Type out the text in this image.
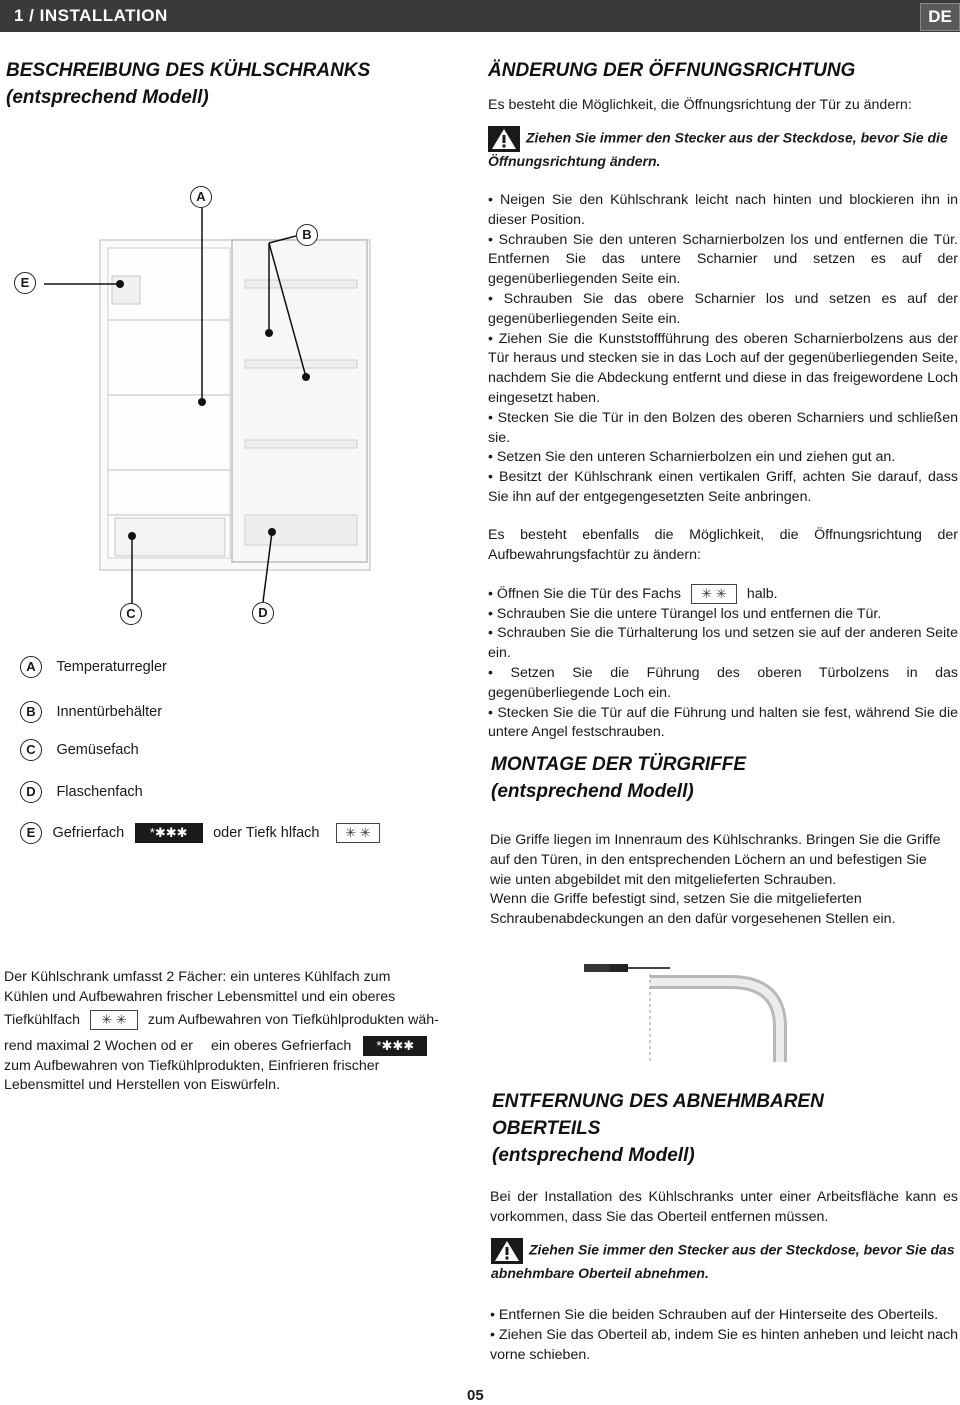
1 / INSTALLATION	DE
BESCHREIBUNG DES KÜHLSCHRANKS
(entsprechend Modell)
A
B
E
C	D
A Temperaturregler
B Innentürbehälter
C Gemüsefach
D Flaschenfach
E Gefrierfach *✱✱✱ oder Tiefk hlfach ✳ ✳
Der Kühlschrank umfasst 2 Fächer: ein unteres Kühlfach zum
Kühlen und Aufbewahren frischer Lebensmittel und ein oberes
Tiefkühlfach ✳ ✳ zum Aufbewahren von Tiefkühlprodukten wäh-
rend maximal 2 Wochen od er ein oberes Gefrierfach *✱✱✱
zum Aufbewahren von Tiefkühlprodukten, Einfrieren frischer
Lebensmittel und Herstellen von Eiswürfeln.
ÄNDERUNG DER ÖFFNUNGSRICHTUNG
Es besteht die Möglichkeit, die Öffnungsrichtung der Tür zu ändern:
Ziehen Sie immer den Stecker aus der Steckdose, bevor Sie die Öffnungsrichtung ändern.
• Neigen Sie den Kühlschrank leicht nach hinten und blockieren ihn in dieser Position.
• Schrauben Sie den unteren Scharnierbolzen los und entfernen die Tür. Entfernen Sie das untere Scharnier und setzen es auf der gegenüberliegenden Seite ein.
• Schrauben Sie das obere Scharnier los und setzen es auf der gegenüberliegenden Seite ein.
• Ziehen Sie die Kunststoffführung des oberen Scharnierbolzens aus der Tür heraus und stecken sie in das Loch auf der gegenüberliegenden Seite, nachdem Sie die Abdeckung entfernt und diese in das freigewordene Loch eingesetzt haben.
• Stecken Sie die Tür in den Bolzen des oberen Scharniers und schließen sie.
• Setzen Sie den unteren Scharnierbolzen ein und ziehen gut an.
• Besitzt der Kühlschrank einen vertikalen Griff, achten Sie darauf, dass Sie ihn auf der entgegengesetzten Seite anbringen.
Es besteht ebenfalls die Möglichkeit, die Öffnungsrichtung der Aufbewahrungsfachtür zu ändern:
• Öffnen Sie die Tür des Fachs ✳ ✳ halb.
• Schrauben Sie die untere Türangel los und entfernen die Tür.
• Schrauben Sie die Türhalterung los und setzen sie auf der anderen Seite ein.
• Setzen Sie die Führung des oberen Türbolzens in das gegenüberliegende Loch ein.
• Stecken Sie die Tür auf die Führung und halten sie fest, während Sie die untere Angel festschrauben.
MONTAGE DER TÜRGRIFFE
(entsprechend Modell)
Die Griffe liegen im Innenraum des Kühlschranks. Bringen Sie die Griffe auf den Türen, in den entsprechenden Löchern an und befestigen Sie wie unten abgebildet mit den mitgelieferten Schrauben.
Wenn die Griffe befestigt sind, setzen Sie die mitgelieferten Schraubenabdeckungen an den dafür vorgesehenen Stellen ein.
ENTFERNUNG DES ABNEHMBAREN
OBERTEILS
(entsprechend Modell)
Bei der Installation des Kühlschranks unter einer Arbeitsfläche kann es vorkommen, dass Sie das Oberteil entfernen müssen.
Ziehen Sie immer den Stecker aus der Steckdose, bevor Sie das abnehmbare Oberteil abnehmen.
• Entfernen Sie die beiden Schrauben auf der Hinterseite des Oberteils.
• Ziehen Sie das Oberteil ab, indem Sie es hinten anheben und leicht nach vorne schieben.
05
